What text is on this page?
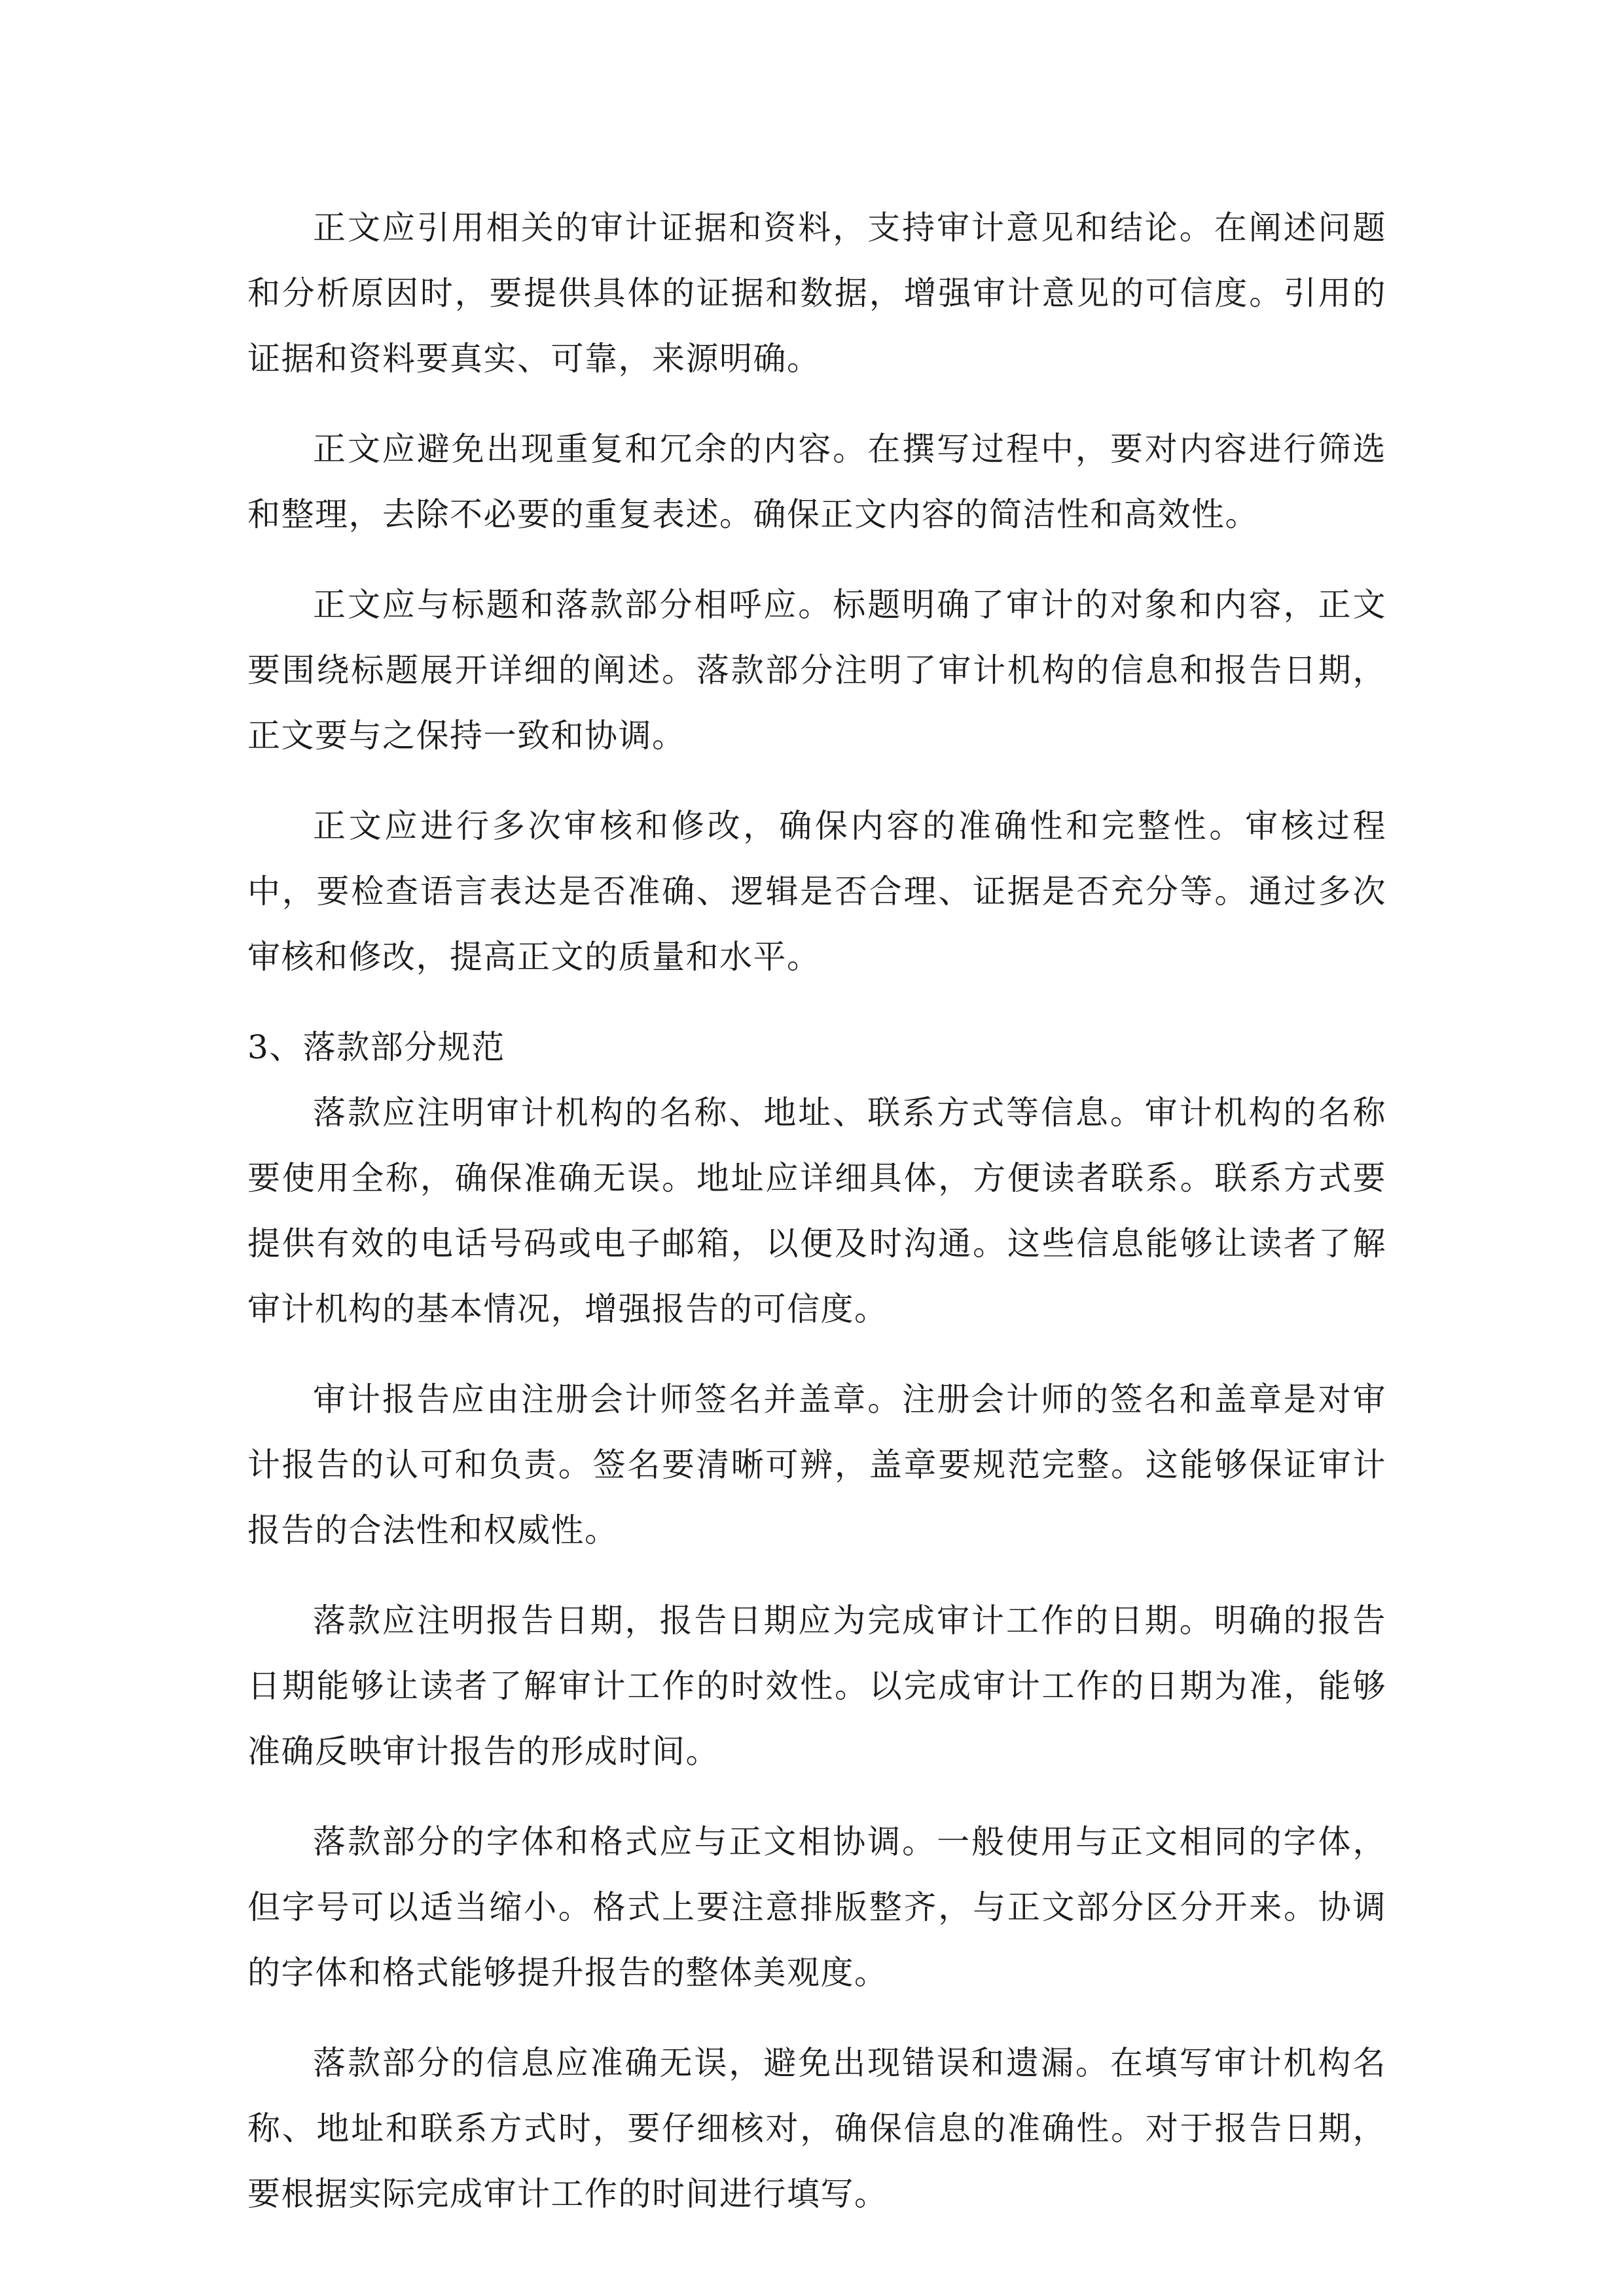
正文应引用相关的审计证据和资料，支持审计意见和结论。在阐述问题和分析原因时，要提供具体的证据和数据，增强审计意见的可信度。引用的证据和资料要真实、可靠，来源明确。

正文应避免出现重复和冗余的内容。在撰写过程中，要对内容进行筛选和整理，去除不必要的重复表述。确保正文内容的简洁性和高效性。

正文应与标题和落款部分相呼应。标题明确了审计的对象和内容，正文要围绕标题展开详细的阐述。落款部分注明了审计机构的信息和报告日期，正文要与之保持一致和协调。

正文应进行多次审核和修改，确保内容的准确性和完整性。审核过程中，要检查语言表达是否准确、逻辑是否合理、证据是否充分等。通过多次审核和修改，提高正文的质量和水平。

3、落款部分规范

落款应注明审计机构的名称、地址、联系方式等信息。审计机构的名称要使用全称，确保准确无误。地址应详细具体，方便读者联系。联系方式要提供有效的电话号码或电子邮箱，以便及时沟通。这些信息能够让读者了解审计机构的基本情况，增强报告的可信度。

审计报告应由注册会计师签名并盖章。注册会计师的签名和盖章是对审计报告的认可和负责。签名要清晰可辨，盖章要规范完整。这能够保证审计报告的合法性和权威性。

落款应注明报告日期，报告日期应为完成审计工作的日期。明确的报告日期能够让读者了解审计工作的时效性。以完成审计工作的日期为准，能够准确反映审计报告的形成时间。

落款部分的字体和格式应与正文相协调。一般使用与正文相同的字体，但字号可以适当缩小。格式上要注意排版整齐，与正文部分区分开来。协调的字体和格式能够提升报告的整体美观度。

落款部分的信息应准确无误，避免出现错误和遗漏。在填写审计机构名称、地址和联系方式时，要仔细核对，确保信息的准确性。对于报告日期，要根据实际完成审计工作的时间进行填写。
